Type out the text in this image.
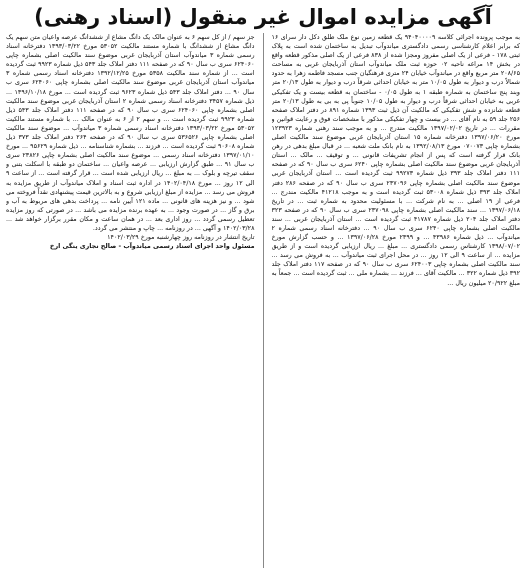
آگهی مزایده اموال غیر منقول (اسناد رهنی)

به موجب پرونده اجرائی کلاسه ۹۴۰۴۰۰۰۰۹ یک قطعه زمین نوع ملک طلق دکل دار سرای ۱۶ که برابر اعلام کارشناسی رسمی دادگستری میاندوآب تبدیل به ساختمان شده است به پلاک ثبتی ۱۷۸ - فرعی از یک اصلی مفروز ومجزا شده از ۸۳۸ فرعی از یک اصلی مذکور قطعه واقع در بخش ۱۴ مراغه ناحیه ۰۲ حوزه ثبت ملک میاندوآب استان آذربایجان غربی به مساحت ۲۰۸/۶۵ متر مربع واقع در میاندوآب خیابان ۲۴ متری فرهنگیان جنب مسجد فاطمه زهرا به حدود شمالاً درب و دیوار به طول ۱۰/۰۵ متر به خیابان احداثی شرقاً درب و دیوار به طول ۲۰/۱۳ متر وبند پنج ساختمان به شماره طبقه ۱ به طول ۰/۰۵ - ساختمان به قطعه بیست و یک تفکیکی غربی به خیابان احداثی شرقاً درب و دیوار به طول ۱۰/۰۵ جنوباً پی به بی به طول ۲۰/۱۳ متر قطعه شانزده و شش تفکیکی که مالکیت آن ذیل ثبت ۱۳۹۳ شماره ۸۹۱ در دفتر املاک صفحه ۲۵۶ جلد ۵۹ به نام آقای ... در بیست و چهار تفکیکی مذکور با مشخصات فوق و رعایت قوانین و مقررات ... در تاریخ ۱۳۹۷/۰۲/۰۲ مالکیت مندرج ... و به موجب سند رهنی شماره ۱۲۳۹۲۳ مورخ ۱۳۹۷/۰۶/۲۰ دفترخانه شماره ۱۵ استان آذربایجان غربی موضوع سند مالکیت اصلی بشماره چاپی ۰۷۰۰۷۳ مورخ ۱۳۹۲/۰۸/۱۳ به نام بانک ملت شعبه ... در قبال مبلغ بدهی در رهن بانک قرار گرفته است که پس از انجام تشریفات قانونی ... و توقیف ... مالک ... استان آذربایجان غربی موضوع سند مالکیت اصلی بشماره چاپی ۶۲۴۰ سری ب سال ۹۰ که در صفحه ۱۱۱ دفتر املاک جلد ۳۹۳ ذیل شماره ۹۹۲۷۳ ثبت گردیده است ... استان آذربایجان غربی موضوع سند مالکیت اصلی بشماره چاپی ۲۳۷۰۹۶ سری ب سال ۹۰ که در صفحه ۲۸۶ دفتر املاک جلد ۳۹۳ ذیل شماره ۵۳۰۰۸ ثبت گردیده است و به موجب ۴۱۲۱۸ مالکیت مندرج ... فرعی از ۱۹ اصلی ... به نام شرکت ... با مسئولیت محدود به شماره ثبت ... در تاریخ ۱۳۹۷/۰۶/۱۸ ... سند مالکیت اصلی بشماره چاپی ۲۳۷۰۹۸ سری ب سال ۹۰ که در صفحه ۳۲۳ دفتر املاک جلد ۲۰۴ ذیل شماره ۴۱۷۸۷ ثبت گردیده است ... استان آذربایجان غربی ... سند مالکیت اصلی بشماره چاپی ۶۲۴۰ سری ب سال ۹۰ ... دفترخانه اسناد رسمی شماره ۲ میاندوآب ... ذیل شماره ۴۳۹۸۶ ... و ۲۳۹۹ مورخ ۱۳۹۷/۰۶/۲۸ ... و حسب گزارش مورخ ۱۳۹۸/۰۷/۰۲ کارشناس رسمی دادگستری ... مبلغ ... ریال ارزیابی گردیده است و از طریق مزایده ... از ساعت ۹ الی ۱۲ روز ... در محل اجرای ثبت میاندوآب ... به فروش می رسد ... سند مالکیت اصلی بشماره چاپی ۶۲۴۰۰۳ سری ب سال ۹۰ که در صفحه ۱۱۷ دفتر املاک جلد ۳۹۲ ذیل شماره ۳۲۲ ... مالکیت آقای ... فرزند ... بشماره ملی ... ثبت گردیده است ... جمعاً به مبلغ ۲۰/۹۲۲ میلیون ریال ...

جز سهم / از کل سهم ۶ به عنوان مالک یک دانگ مشاع از ششدانگ عرصه واعیان متن سهم یک دانگ مشاع از ششدانگ با شماره مستند مالکیت ۵۳۰۵۲ مورخ ۱۳۹۳/۰۳/۲۲ دفترخانه اسناد رسمی شماره ۳ میاندوآب استان آذربایجان غربی موضوع سند مالکیت اصلی بشماره چاپی ۶۲۴۰۶۰ سری ب سال ۹۰ که در صفحه ۱۱۱ دفتر املاک جلد ۵۴۳ ذیل شماره ۹۹۲۳ ثبت گردیده است ... از شماره سند مالکیت ۵۳۵۸ مورخ ۱۳۹۲/۱۲/۲۵ دفترخانه اسناد رسمی شماره ۳ میاندوآب استان آذربایجان غربی موضوع سند مالکیت اصلی بشماره چاپی ۶۲۴۰۶۰ سری ب سال ۹۰ ... دفتر املاک جلد ۵۴۳ ذیل شماره ۹۶۲۳ ثبت گردیده است ... مورخ ۱۳۹۶/۱۰/۱۸ ... ذیل شماره ۳۴۵۷ دفترخانه اسناد رسمی شماره ۲ استان آذربایجان غربی موضوع سند مالکیت اصلی بشماره چاپی ۶۲۴۰۶۰ سری ب سال ۹۰ که در صفحه ۱۱۱ دفتر املاک جلد ۵۴۳ ذیل شماره ۹۹۲۳ ثبت گردیده است ... و سهم ۲ از ۶ به عنوان مالک ... با شماره مستند مالکیت ۵۳۰۵۲ مورخ ۱۳۹۳/۰۳/۲۲ دفترخانه اسناد رسمی شماره ۳ میاندوآب ... موضوع سند مالکیت اصلی بشماره چاپی ۵۳۶۵۲۶ سری ب سال ۹۰ که در صفحه ۲۶۴ دفتر املاک جلد ۳۷۳ ذیل شماره ۹۰۶۰۸ ثبت گردیده است ... فرزند ... بشماره شناسنامه ... ذیل شماره ۹۵۶۲۹ ... مورخ ۱۳۹۷/۰۱/۱۰ دفترخانه اسناد رسمی ... موضوع سند مالکیت اصلی بشماره چاپی ۲۳۸۲۶ سری ب سال ۹۱ ... طبق گزارش ارزیابی ... عرصه واعیان ... ساختمان دو طبقه با اسکلت بتنی و سقف تیرچه و بلوک ... به مبلغ ... ریال ارزیابی شده است ... قرار گرفته است ... از ساعت ۹ الی ۱۲ روز ... مورخ ۱۴۰۲/۰۴/۱۸ در اداره ثبت اسناد و املاک میاندوآب از طریق مزایده به فروش می رسد ... مزایده از مبلغ ارزیابی شروع و به بالاترین قیمت پیشنهادی نقداً فروخته می شود ... و نیز هزینه های قانونی ... ماده ۱۲۱ آیین نامه ... پرداخت بدهی های مربوط به آب و برق و گاز ... در صورت وجود ... به عهده برنده مزایده می باشد ... در صورتی که روز مزایده تعطیل رسمی گردد ... روز اداری بعد ... در همان ساعت و مکان مقرر برگزار خواهد شد ... ۱۴۰۲/۰۳/۲۸ و آگهی ... در روزنامه ... چاپ و منتشر می گردد.

تاریخ انتشار در روزنامه روز چهارشنبه مورخ ۱۴۰۲/۰۳/۲۹

مسئول واحد اجرای اسناد رسمی میاندوآب - صالح نجاری ینگی ارخ
